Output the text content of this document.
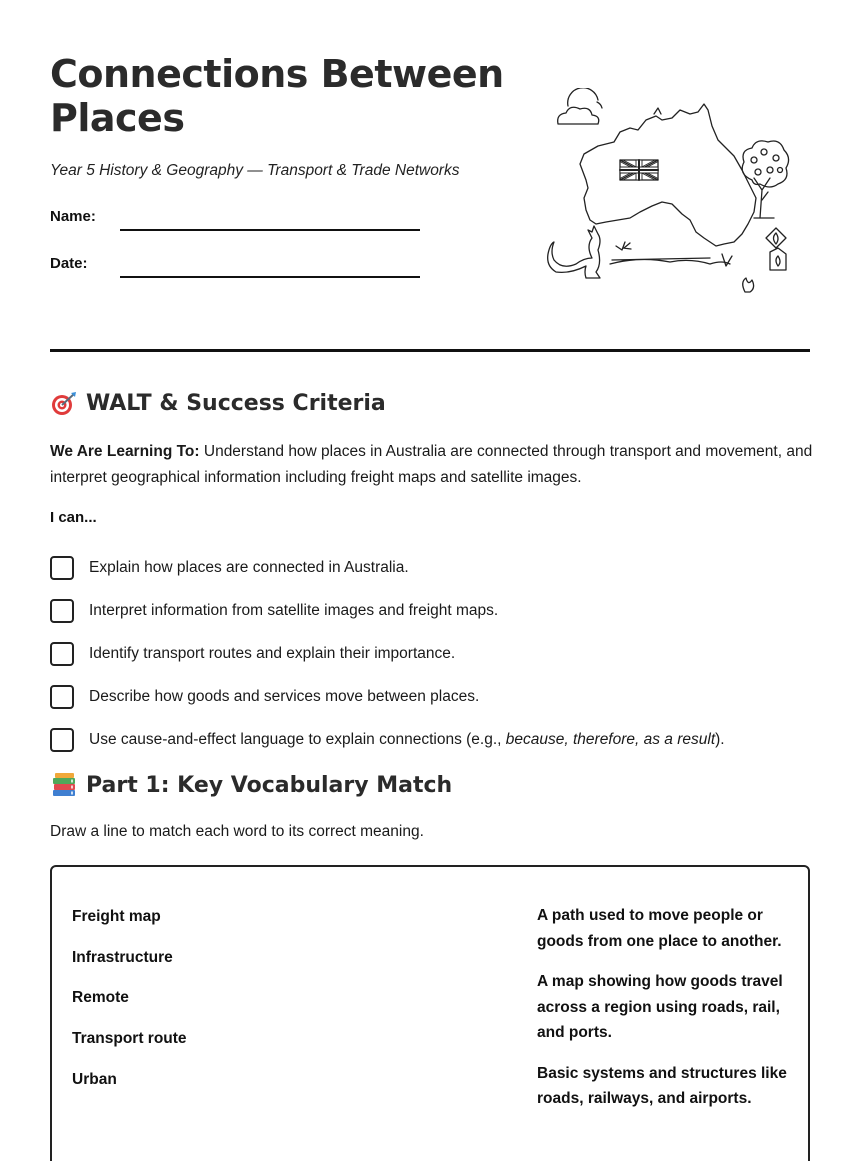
Connections Between Places
Year 5 History & Geography — Transport & Trade Networks
Name:
Date:
WALT & Success Criteria
We Are Learning To: Understand how places in Australia are connected through transport and movement, and interpret geographical information including freight maps and satellite images.
I can...
Explain how places are connected in Australia.
Interpret information from satellite images and freight maps.
Identify transport routes and explain their importance.
Describe how goods and services move between places.
Use cause-and-effect language to explain connections (e.g., because, therefore, as a result).
Part 1: Key Vocabulary Match
Draw a line to match each word to its correct meaning.
Freight map
Infrastructure
Remote
Transport route
Urban
A path used to move people or goods from one place to another.
A map showing how goods travel across a region using roads, rail, and ports.
Basic systems and structures like roads, railways, and airports.
